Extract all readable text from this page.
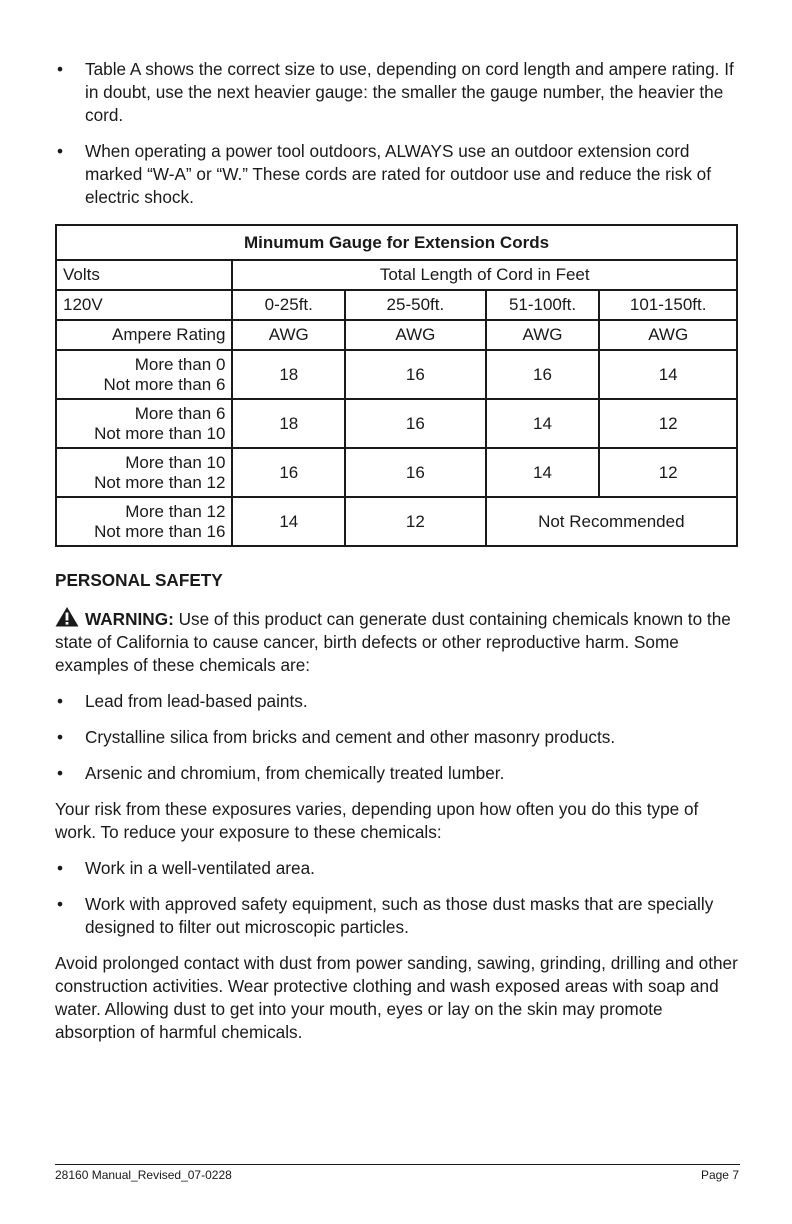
• Table A shows the correct size to use, depending on cord length and ampere rating. If in doubt, use the next heavier gauge: the smaller the gauge number, the heavier the cord.
• When operating a power tool outdoors, ALWAYS use an outdoor extension cord marked “W-A” or “W.” These cords are rated for outdoor use and reduce the risk of electric shock.
Minumum Gauge for Extension Cords				
Volts	Total Length of Cord in Feet			
120V	0-25ft.	25-50ft.	51-100ft.	101-150ft.
Ampere Rating	AWG	AWG	AWG	AWG

More than 0
Not more than 6	18	16	16	14

More than 6
Not more than 10	18	16	14	12

More than 10
Not more than 12	16	16	14	12

More than 12
Not more than 16	14	12	Not Recommended	
PERSONAL SAFETY
WARNING: Use of this product can generate dust containing chemicals known to the state of California to cause cancer, birth defects or other reproductive harm. Some examples of these chemicals are:
• Lead from lead-based paints.
• Crystalline silica from bricks and cement and other masonry products.
• Arsenic and chromium, from chemically treated lumber.
Your risk from these exposures varies, depending upon how often you do this type of work. To reduce your exposure to these chemicals:
• Work in a well-ventilated area.
• Work with approved safety equipment, such as those dust masks that are specially designed to filter out microscopic particles.
Avoid prolonged contact with dust from power sanding, sawing, grinding, drilling and other construction activities. Wear protective clothing and wash exposed areas with soap and water. Allowing dust to get into your mouth, eyes or lay on the skin may promote absorption of harmful chemicals.
28160 Manual_Revised_07-0228	Page 7
